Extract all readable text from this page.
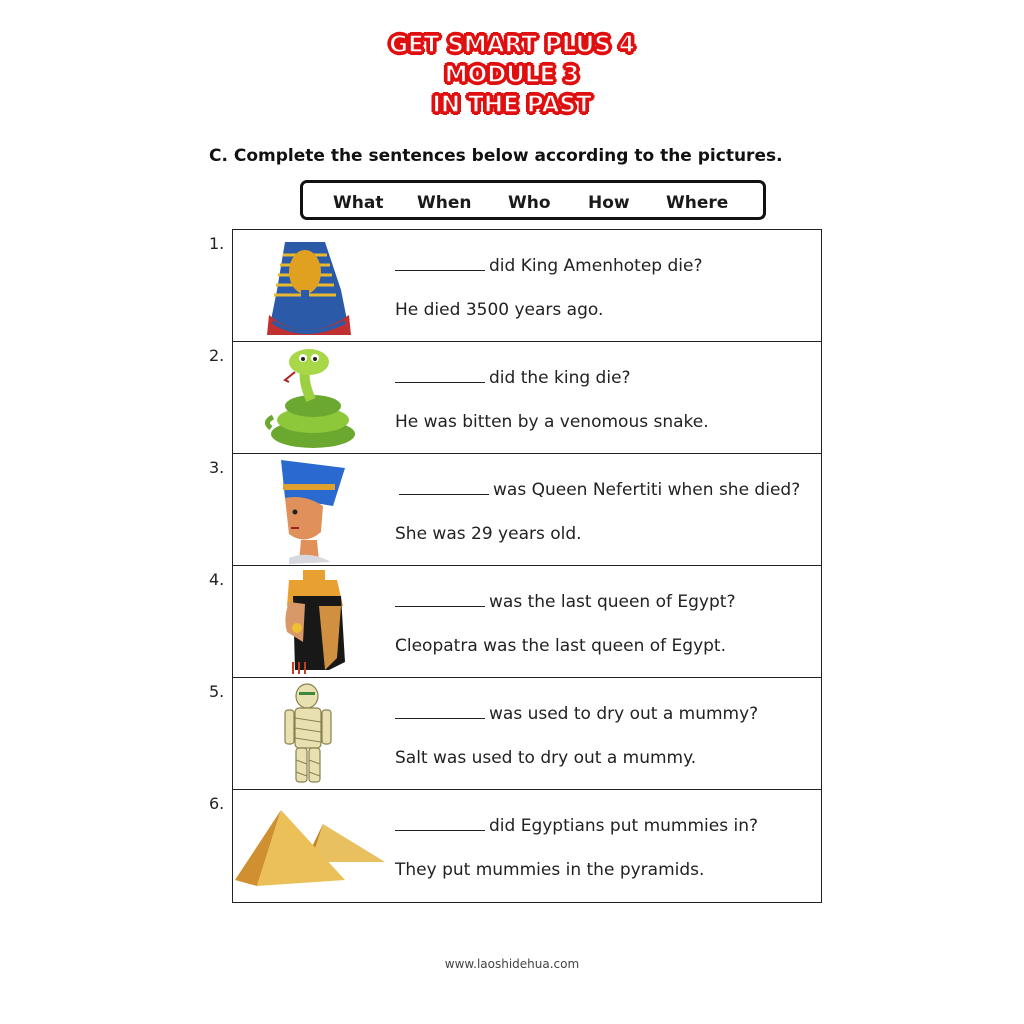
GET SMART PLUS 4
MODULE 3
IN THE PAST
C. Complete the sentences below according to the pictures.
What When Who How Where
1.
did King Amenhotep die?
He died 3500 years ago.
2.
did the king die?
He was bitten by a venomous snake.
3.
was Queen Nefertiti when she died?
She was 29 years old.
4.
was the last queen of Egypt?
Cleopatra was the last queen of Egypt.
5.
was used to dry out a mummy?
Salt was used to dry out a mummy.
6.
did Egyptians put mummies in?
They put mummies in the pyramids.
www.laoshidehua.com
